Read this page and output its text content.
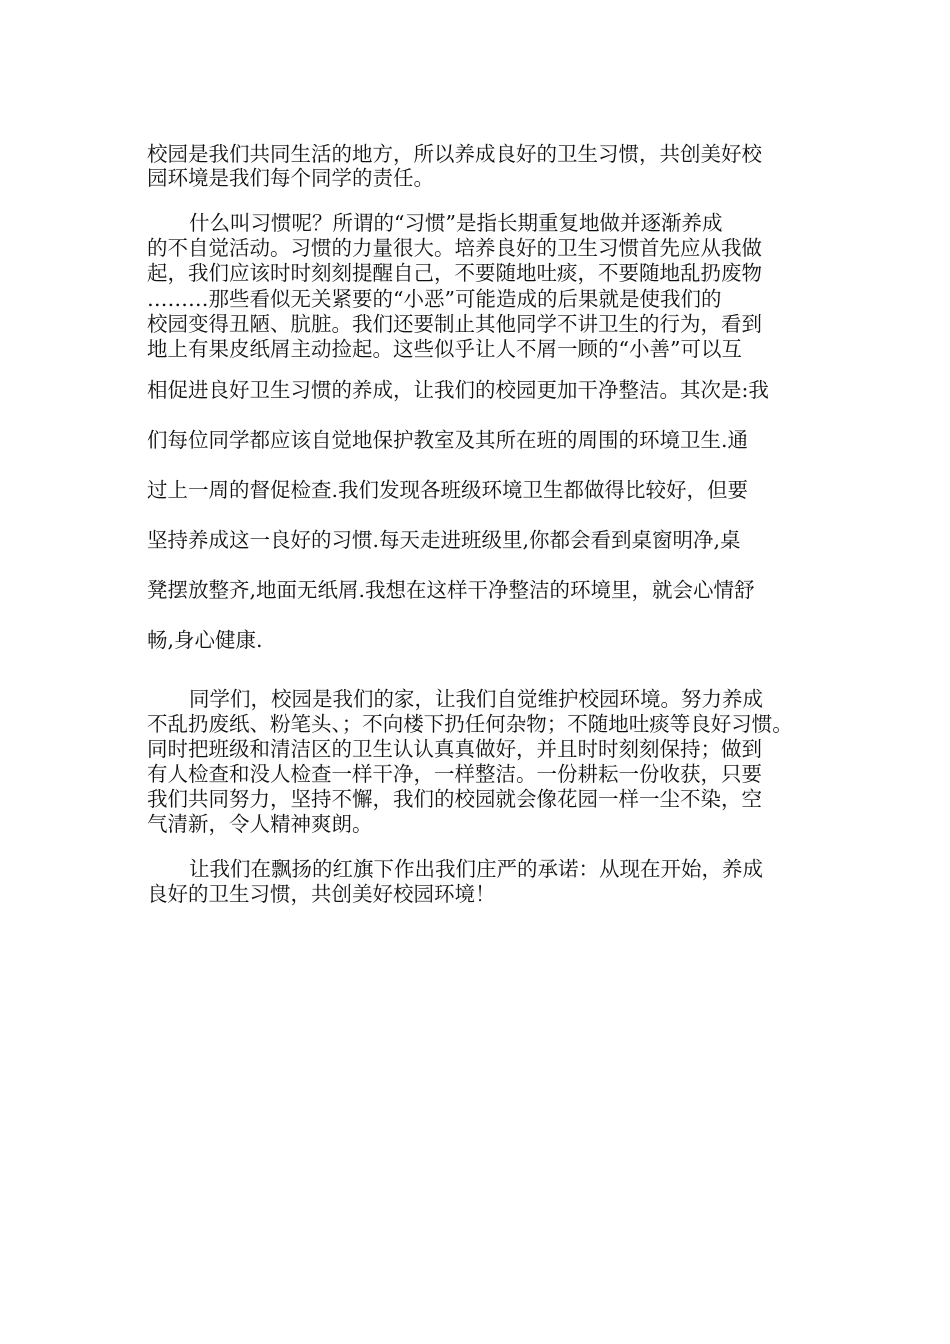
校园是我们共同生活的地方，所以养成良好的卫生习惯，共创美好校
园环境是我们每个同学的责任。
什么叫习惯呢？所谓的“习惯”是指长期重复地做并逐渐养成
的不自觉活动。习惯的力量很大。培养良好的卫生习惯首先应从我做
起，我们应该时时刻刻提醒自己，不要随地吐痰，不要随地乱扔废物
………那些看似无关紧要的“小恶”可能造成的后果就是使我们的
校园变得丑陋、肮脏。我们还要制止其他同学不讲卫生的行为，看到
地上有果皮纸屑主动捡起。这些似乎让人不屑一顾的“小善”可以互
相促进良好卫生习惯的养成，让我们的校园更加干净整洁。其次是:我
们每位同学都应该自觉地保护教室及其所在班的周围的环境卫生.通
过上一周的督促检查.我们发现各班级环境卫生都做得比较好，但要
坚持养成这一良好的习惯.每天走进班级里,你都会看到桌窗明净,桌
凳摆放整齐,地面无纸屑.我想在这样干净整洁的环境里，就会心情舒
畅,身心健康.
同学们，校园是我们的家，让我们自觉维护校园环境。努力养成
不乱扔废纸、粉笔头、；不向楼下扔任何杂物；不随地吐痰等良好习惯。
同时把班级和清洁区的卫生认认真真做好，并且时时刻刻保持；做到
有人检查和没人检查一样干净，一样整洁。一份耕耘一份收获，只要
我们共同努力，坚持不懈，我们的校园就会像花园一样一尘不染，空
气清新，令人精神爽朗。
让我们在飘扬的红旗下作出我们庄严的承诺：从现在开始，养成
良好的卫生习惯，共创美好校园环境！
